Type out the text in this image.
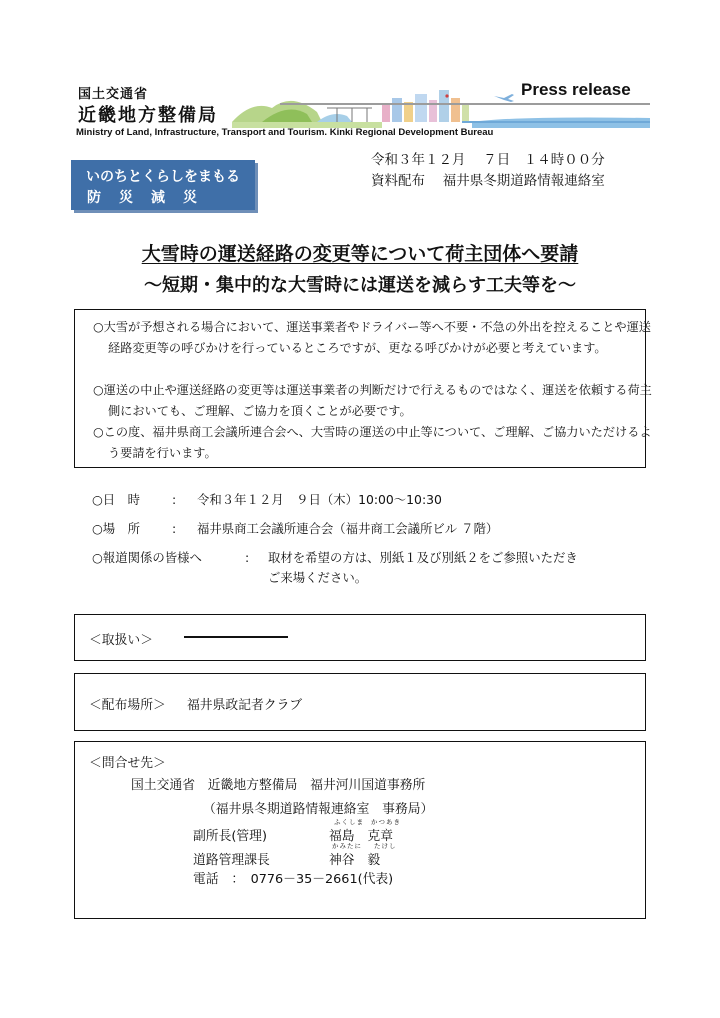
国土交通省
近畿地方整備局
Press release
Ministry of Land, Infrastructure, Transport and Tourism. Kinki Regional Development Bureau
いのちとくらしをまもる
防災減災
令和３年１２月　 ７日　１４時００分
資料配布　 福井県冬期道路情報連絡室
大雪時の運送経路の変更等について荷主団体へ要請
～短期・集中的な大雪時には運送を減らす工夫等を～
○大雪が予想される場合において、運送事業者やドライバー等へ不要・不急の外出を控えることや運送経路変更等の呼びかけを行っているところですが、更なる呼びかけが必要と考えています。
○運送の中止や運送経路の変更等は運送事業者の判断だけで行えるものではなく、運送を依頼する荷主側においても、ご理解、ご協力を頂くことが必要です。
○この度、福井県商工会議所連合会へ、大雪時の運送の中止等について、ご理解、ご協力いただけるよう要請を行います。
○日　時	: 令和３年１２月　９日（木）10:00～10:30
○場　所	: 福井県商工会議所連合会（福井商工会議所ビル ７階）
○報道関係の皆様へ	: 取材を希望の方は、別紙１及び別紙２をご参照いただき
ご来場ください。
＜取扱い＞
＜配布場所＞ 福井県政記者クラブ
＜問合せ先＞
国土交通省　近畿地方整備局　福井河川国道事務所
（福井県冬期道路情報連絡室　事務局）
ふくしま かつあき
副所長(管理)	福島　克章
かみたに たけし
道路管理課長	神谷　毅
電話　：　0776－35－2661(代表)
